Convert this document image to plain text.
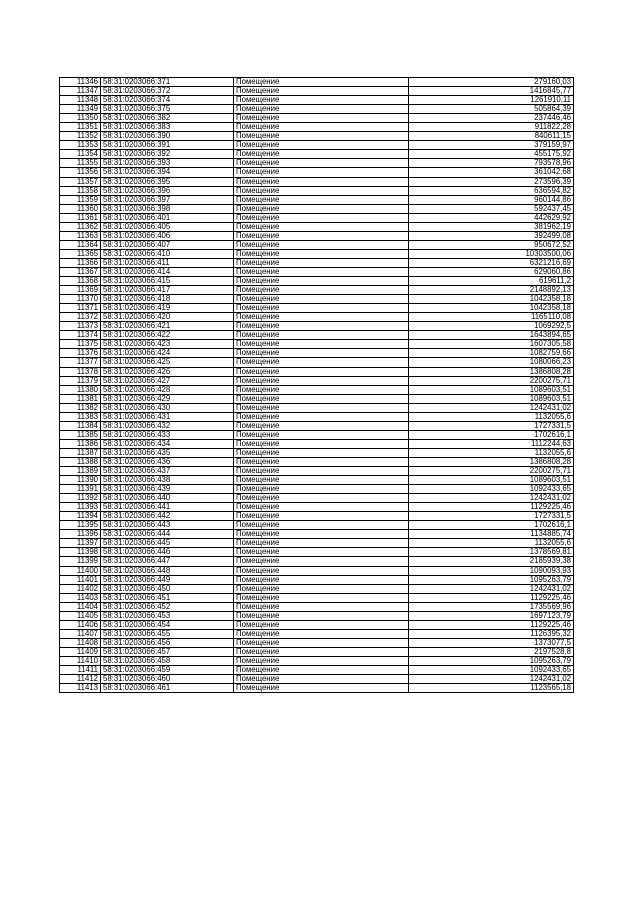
11346	58:31:0203066:371	Помещение	279160,03
11347	58:31:0203066:372	Помещение	1416845,77
11348	58:31:0203066:374	Помещение	1261910,11
11349	58:31:0203066:375	Помещение	505864,39
11350	58:31:0203066:382	Помещение	237446,46
11351	58:31:0203066:383	Помещение	911822,28
11352	58:31:0203066:390	Помещение	840611,15
11353	58:31:0203066:391	Помещение	379159,97
11354	58:31:0203066:392	Помещение	455175,92
11355	58:31:0203066:393	Помещение	793578,96
11356	58:31:0203066:394	Помещение	361042,68
11357	58:31:0203066:395	Помещение	273596,39
11358	58:31:0203066:396	Помещение	636594,82
11359	58:31:0203066:397	Помещение	960144,86
11360	58:31:0203066:398	Помещение	592437,45
11361	58:31:0203066:401	Помещение	442629,92
11362	58:31:0203066:405	Помещение	381962,19
11363	58:31:0203066:406	Помещение	392499,08
11364	58:31:0203066:407	Помещение	950672,52
11365	58:31:0203066:410	Помещение	10303500,06
11366	58:31:0203066:411	Помещение	6321216,69
11367	58:31:0203066:414	Помещение	629060,86
11368	58:31:0203066:415	Помещение	619611,2
11369	58:31:0203066:417	Помещение	2148892,13
11370	58:31:0203066:418	Помещение	1042358,18
11371	58:31:0203066:419	Помещение	1042358,18
11372	58:31:0203066:420	Помещение	1165110,08
11373	58:31:0203066:421	Помещение	1069292,5
11374	58:31:0203066:422	Помещение	1643894,65
11375	58:31:0203066:423	Помещение	1607305,58
11376	58:31:0203066:424	Помещение	1082759,66
11377	58:31:0203066:425	Помещение	1080066,23
11378	58:31:0203066:426	Помещение	1386808,28
11379	58:31:0203066:427	Помещение	2200275,71
11380	58:31:0203066:428	Помещение	1089603,51
11381	58:31:0203066:429	Помещение	1089603,51
11382	58:31:0203066:430	Помещение	1242431,02
11383	58:31:0203066:431	Помещение	1132055,6
11384	58:31:0203066:432	Помещение	1727331,5
11385	58:31:0203066:433	Помещение	1702616,1
11386	58:31:0203066:434	Помещение	1112244,63
11387	58:31:0203066:435	Помещение	1132055,6
11388	58:31:0203066:436	Помещение	1386808,28
11389	58:31:0203066:437	Помещение	2200275,71
11390	58:31:0203066:438	Помещение	1089603,51
11391	58:31:0203066:439	Помещение	1092433,65
11392	58:31:0203066:440	Помещение	1242431,02
11393	58:31:0203066:441	Помещение	1129225,46
11394	58:31:0203066:442	Помещение	1727331,5
11395	58:31:0203066:443	Помещение	1702616,1
11396	58:31:0203066:444	Помещение	1134885,74
11397	58:31:0203066:445	Помещение	1132055,6
11398	58:31:0203066:446	Помещение	1378569,81
11399	58:31:0203066:447	Помещение	2185939,38
11400	58:31:0203066:448	Помещение	1090093,93
11401	58:31:0203066:449	Помещение	1095263,79
11402	58:31:0203066:450	Помещение	1242431,02
11403	58:31:0203066:451	Помещение	1129225,46
11404	58:31:0203066:452	Помещение	1735569,96
11405	58:31:0203066:453	Помещение	1697123,79
11406	58:31:0203066:454	Помещение	1129225,46
11407	58:31:0203066:455	Помещение	1126395,32
11408	58:31:0203066:456	Помещение	1373077,5
11409	58:31:0203066:457	Помещение	2197528,8
11410	58:31:0203066:458	Помещение	1095263,79
11411	58:31:0203066:459	Помещение	1092433,65
11412	58:31:0203066:460	Помещение	1242431,02
11413	58:31:0203066:461	Помещение	1123565,18
